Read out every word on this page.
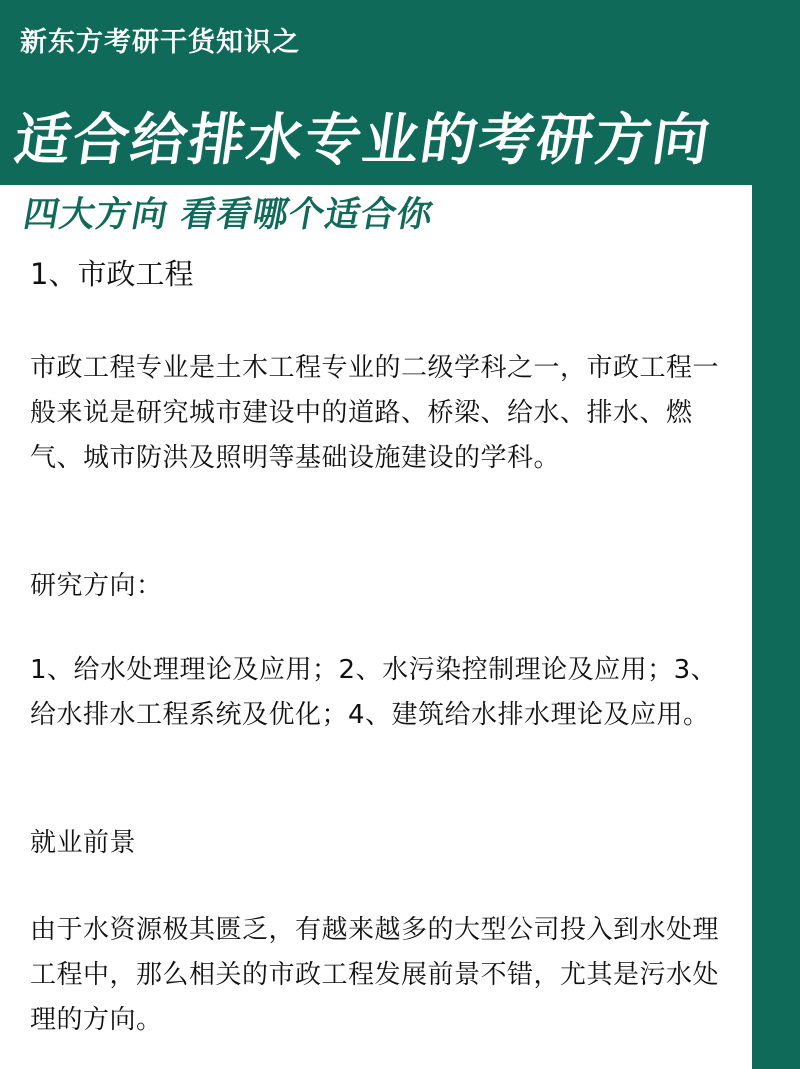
新东方考研干货知识之
适合给排水专业的考研方向
四大方向 看看哪个适合你
1、市政工程

市政工程专业是土木工程专业的二级学科之一，市政工程一般来说是研究城市建设中的道路、桥梁、给水、排水、燃气、城市防洪及照明等基础设施建设的学科。

研究方向：

1、给水处理理论及应用；2、水污染控制理论及应用；3、给水排水工程系统及优化；4、建筑给水排水理论及应用。

就业前景

由于水资源极其匮乏，有越来越多的大型公司投入到水处理工程中，那么相关的市政工程发展前景不错，尤其是污水处理的方向。
